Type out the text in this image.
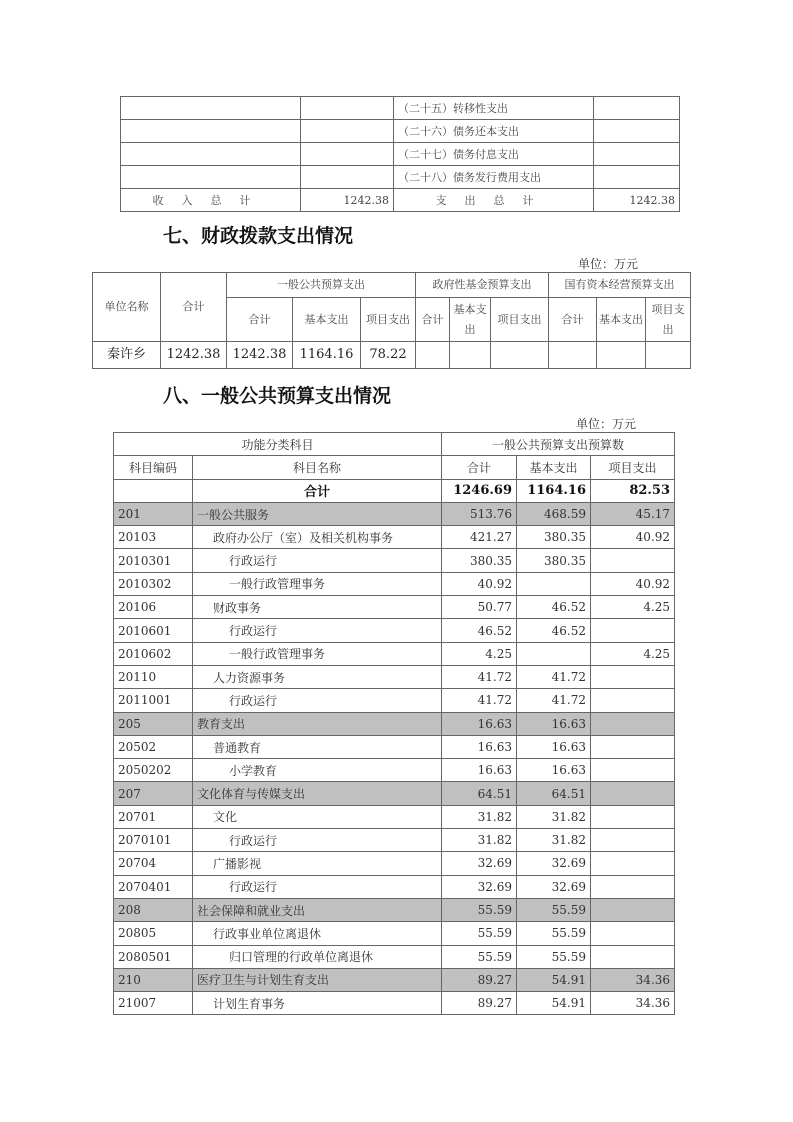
		（二十五）转移性支出	
		（二十六）债务还本支出	
		（二十七）债务付息支出	
		（二十八）债务发行费用支出	
收入总计	1242.38	支出总计	1242.38
七、财政拨款支出情况
单位：万元
单位名称	合计	一般公共预算支出			政府性基金预算支出			国有资本经营预算支出		
		合计	基本支出	项目支出	合计	基本支出	项目支出	合计	基本支出	项目支出
秦许乡	1242.38	1242.38	1164.16	78.22						
八、一般公共预算支出情况
单位：万元
功能分类科目		一般公共预算支出预算数		
科目编码	科目名称	合计	基本支出	项目支出
	合计	1246.69	1164.16	82.53
201	一般公共服务	513.76	468.59	45.17
20103	政府办公厅（室）及相关机构事务	421.27	380.35	40.92
2010301	行政运行	380.35	380.35	
2010302	一般行政管理事务	40.92		40.92
20106	财政事务	50.77	46.52	4.25
2010601	行政运行	46.52	46.52	
2010602	一般行政管理事务	4.25		4.25
20110	人力资源事务	41.72	41.72	
2011001	行政运行	41.72	41.72	
205	教育支出	16.63	16.63	
20502	普通教育	16.63	16.63	
2050202	小学教育	16.63	16.63	
207	文化体育与传媒支出	64.51	64.51	
20701	文化	31.82	31.82	
2070101	行政运行	31.82	31.82	
20704	广播影视	32.69	32.69	
2070401	行政运行	32.69	32.69	
208	社会保障和就业支出	55.59	55.59	
20805	行政事业单位离退休	55.59	55.59	
2080501	归口管理的行政单位离退休	55.59	55.59	
210	医疗卫生与计划生育支出	89.27	54.91	34.36
21007	计划生育事务	89.27	54.91	34.36
